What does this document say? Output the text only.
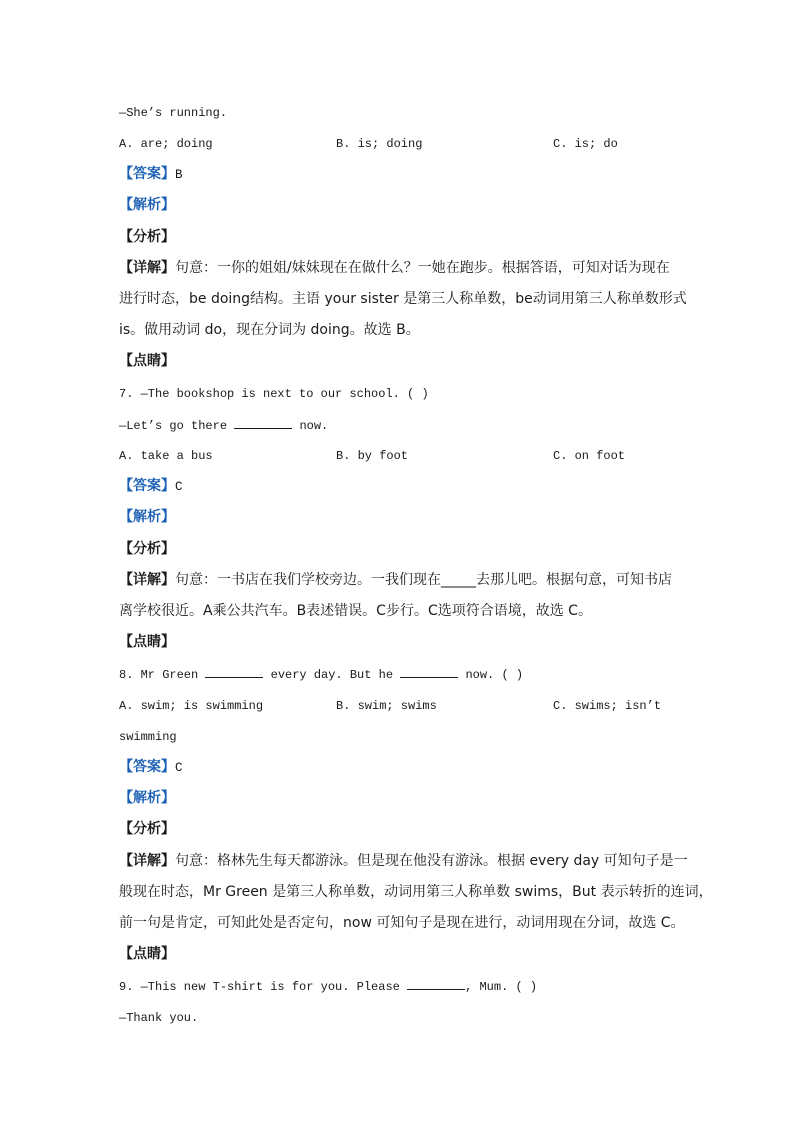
—She’s running.
A. are; doing	B. is; doing	C. is; do
【答案】B
【解析】
【分析】
【详解】句意：一你的姐姐/妹妹现在在做什么？一她在跑步。根据答语，可知对话为现在
进行时态，be doing结构。主语 your sister 是第三人称单数，be动词用第三人称单数形式
is。做用动词 do，现在分词为 doing。故选 B。
【点睛】
7. —The bookshop is next to our school. ( )
—Let’s go there	now.
A. take a bus	B. by foot	C. on foot
【答案】C
【解析】
【分析】
【详解】句意：一书店在我们学校旁边。一我们现在_____去那儿吧。根据句意，可知书店
离学校很近。A乘公共汽车。B表述错误。C步行。C选项符合语境，故选 C。
【点睛】
8. Mr Green	every day. But he	now. ( )
A. swim; is swimming	B. swim; swims	C. swims; isn’t
swimming
【答案】C
【解析】
【分析】
【详解】句意：格林先生每天都游泳。但是现在他没有游泳。根据 every day 可知句子是一
般现在时态，Mr Green 是第三人称单数，动词用第三人称单数 swims，But 表示转折的连词，
前一句是肯定，可知此处是否定句，now 可知句子是现在进行，动词用现在分词，故选 C。
【点睛】
9. —This new T-shirt is for you. Please	, Mum. ( )
—Thank you.
